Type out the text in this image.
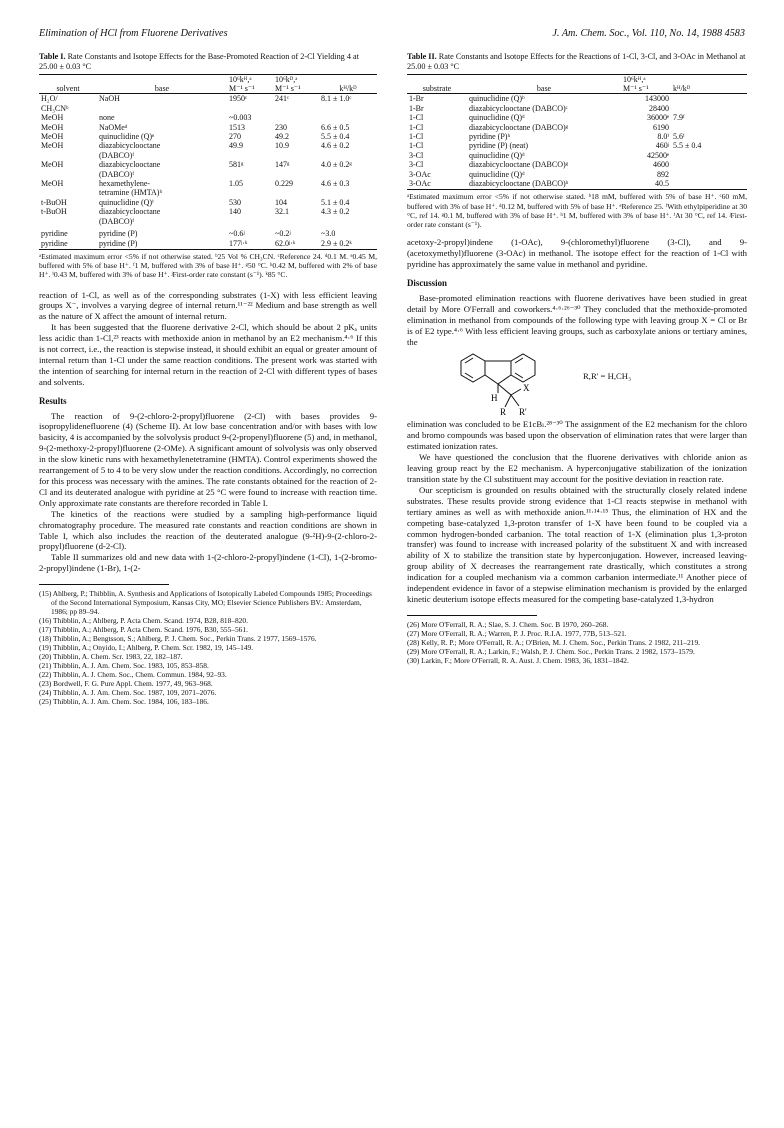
Elimination of HCl from Fluorene Derivatives	J. Am. Chem. Soc., Vol. 110, No. 14, 1988 4583
Table I. Rate Constants and Isotope Effects for the Base-Promoted Reaction of 2-Cl Yielding 4 at 25.00 ± 0.03 °C
		10⁶kᴴ,ᵃ	10⁶kᴰ,ᵃ	
solvent	base	M⁻¹ s⁻¹	M⁻¹ s⁻¹	kᴴ/kᴰ
H₂O/	NaOH	1950ᶜ	241ᶜ	8.1 ± 1.0ᶜ
CH₃CNᵇ				
MeOH	none	~0.003		
MeOH	NaOMeᵈ	1513	230	6.6 ± 0.5
MeOH	quinuclidine (Q)ᵉ	270	49.2	5.5 ± 0.4
MeOH	diazabicyclooctane	49.9	10.9	4.6 ± 0.2
	(DABCO)ᶠ			
MeOH	diazabicyclooctane	581ᵍ	147ᵍ	4.0 ± 0.2ᵍ
	(DABCO)ᶠ			
MeOH	hexamethylene-	1.05	0.229	4.6 ± 0.3
	tetramine (HMTA)ʰ			
t-BuOH	quinuclidine (Q)ⁱ	530	104	5.1 ± 0.4
t-BuOH	diazabicyclooctane	140	32.1	4.3 ± 0.2
	(DABCO)ᶠ			
pyridine	pyridine (P)	~0.6ʲ	~0.2ʲ	~3.0
pyridine	pyridine (P)	177ʲ·ᵏ	62.0ʲ·ᵏ	2.9 ± 0.2ᵏ
ᵃEstimated maximum error <5% if not otherwise stated. ᵇ25 Vol % CH₃CN. ᶜReference 24. ᵈ0.1 M. ᵉ0.45 M, buffered with 5% of base H⁺. ᶠ1 M, buffered with 3% of base H⁺. ᵍ50 °C. ʰ0.42 M, buffered with 2% of base H⁺. ⁱ0.43 M, buffered with 3% of base H⁺. ʲFirst-order rate constant (s⁻¹). ᵏ85 °C.

reaction of 1-Cl, as well as of the corresponding substrates (1-X) with less efficient leaving groups X⁻, involves a varying degree of internal return.¹¹⁻²² Medium and base strength as well as the nature of X affect the amount of internal return.

It has been suggested that the fluorene derivative 2-Cl, which should be about 2 pKₐ units less acidic than 1-Cl,²³ reacts with methoxide anion in methanol by an E2 mechanism.⁴·⁶ If this is not correct, i.e., the reaction is stepwise instead, it should exhibit an equal or greater amount of internal return than 1-Cl under the same reaction conditions. The present work was started with the intention of searching for internal return in the reaction of 2-Cl with different types of bases and solvents.

Results

The reaction of 9-(2-chloro-2-propyl)fluorene (2-Cl) with bases provides 9-isopropylidenefluorene (4) (Scheme II). At low base concentration and/or with bases with low basicity, 4 is accompanied by the solvolysis product 9-(2-propenyl)fluorene (5) and, in methanol, 9-(2-methoxy-2-propyl)fluorene (2-OMe). A significant amount of solvolysis was only observed in the slow kinetic runs with hexamethylenetetramine (HMTA). Control experiments showed the rearrangement of 5 to 4 to be very slow under the reaction conditions. Accordingly, no correction for this process was necessary with the amines. The rate constants obtained for the reaction of 2-Cl and its deuterated analogue with pyridine at 25 °C were found to increase with reaction time. Only approximate rate constants are therefore recorded in Table I.

The kinetics of the reactions were studied by a sampling high-performance liquid chromatography procedure. The measured rate constants and reaction conditions are shown in Table I, which also includes the reaction of the deuterated analogue (9-²H)-9-(2-chloro-2-propyl)fluorene (d-2-Cl).

Table II summarizes old and new data with 1-(2-chloro-2-propyl)indene (1-Cl), 1-(2-bromo-2-propyl)indene (1-Br), 1-(2-

(15) Ahlberg, P.; Thibblin, A. Synthesis and Applications of Isotopically Labeled Compounds 1985; Proceedings of the Second International Symposium, Kansas City, MO; Elsevier Science Publishers BV.: Amsterdam, 1986; pp 89–94.
(16) Thibblin, A.; Ahlberg, P. Acta Chem. Scand. 1974, B28, 818–820.
(17) Thibblin, A.; Ahlberg, P. Acta Chem. Scand. 1976, B30, 555–561.
(18) Thibblin, A.; Bengtsson, S.; Ahlberg, P. J. Chem. Soc., Perkin Trans. 2 1977, 1569–1576.
(19) Thibblin, A.; Onyido, I.; Ahlberg, P. Chem. Scr. 1982, 19, 145–149.
(20) Thibblin, A. Chem. Scr. 1983, 22, 182–187.
(21) Thibblin, A. J. Am. Chem. Soc. 1983, 105, 853–858.
(22) Thibblin, A. J. Chem. Soc., Chem. Commun. 1984, 92–93.
(23) Bordwell, F. G. Pure Appl. Chem. 1977, 49, 963–968.
(24) Thibblin, A. J. Am. Chem. Soc. 1987, 109, 2071–2076.
(25) Thibblin, A. J. Am. Chem. Soc. 1984, 106, 183–186.
Table II. Rate Constants and Isotope Effects for the Reactions of 1-Cl, 3-Cl, and 3-OAc in Methanol at 25.00 ± 0.03 °C
		10⁶kᴴ,ᵃ	
substrate	base	M⁻¹ s⁻¹	kᴴ/kᴰ
1-Br	quinuclidine (Q)ᵇ	143000	
1-Br	diazabicyclooctane (DABCO)ᶜ	28400	
1-Cl	quinuclidine (Q)ᵈ	36000ᵉ	7.9ᶠ
1-Cl	diazabicyclooctane (DABCO)ᵍ	6190	
1-Cl	pyridine (P)ʰ	8.0ⁱ	5.6ⁱ
1-Cl	pyridine (P) (neat)	460ʲ	5.5 ± 0.4
3-Cl	quinuclidine (Q)ᵈ	42500ᵉ	
3-Cl	diazabicyclooctane (DABCO)ᵍ	4600	
3-OAc	quinuclidine (Q)ᵈ	892	
3-OAc	diazabicyclooctane (DABCO)ʰ	40.5	
ᵃEstimated maximum error <5% if not otherwise stated. ᵇ18 mM, buffered with 5% of base H⁺. ᶜ60 mM, buffered with 3% of base H⁺. ᵈ0.12 M, buffered with 5% of base H⁺. ᵉReference 25. ᶠWith ethylpiperidine at 30 °C, ref 14. ᵍ0.1 M, buffered with 3% of base H⁺. ʰ1 M, buffered with 3% of base H⁺. ⁱAt 30 °C, ref 14. ʲFirst-order rate constant (s⁻¹).

acetoxy-2-propyl)indene (1-OAc), 9-(chloromethyl)fluorene (3-Cl), and 9-(acetoxymethyl)fluorene (3-OAc) in methanol. The isotope effect for the reaction of 1-Cl with pyridine has approximately the same value in methanol and pyridine.

Discussion

Base-promoted elimination reactions with fluorene derivatives have been studied in great detail by More O'Ferrall and coworkers.⁴·⁶·²⁶⁻³⁰ They concluded that the methoxide-promoted elimination in methanol from compounds of the following type with leaving group X = Cl or Br is of E2 type.⁴·⁶ With less efficient leaving groups, such as carboxylate anions or tertiary amines, the

H
X
R R'
R,R' = H,CH₃

elimination was concluded to be E1cBₗ.²⁸⁻³⁰ The assignment of the E2 mechanism for the chloro and bromo compounds was based upon the observation of elimination rates that were larger than estimated ionization rates.

We have questioned the conclusion that the fluorene derivatives with chloride anion as leaving group react by the E2 mechanism. A hyperconjugative stabilization of the ionization transition state by the Cl substituent may account for the positive deviation in reaction rate.

Our scepticism is grounded on results obtained with the structurally closely related indene substrates. These results provide strong evidence that 1-Cl reacts stepwise in methanol with tertiary amines as well as with methoxide anion.¹¹·¹⁴·¹⁵ Thus, the elimination of HX and the competing base-catalyzed 1,3-proton transfer of 1-X have been found to be coupled via a common hydrogen-bonded carbanion. The total reaction of 1-X (elimination plus 1,3-proton transfer) was found to increase with increased polarity of the substituent X and with increased ability of X to stabilize the transition state by hyperconjugation. However, increased leaving-group ability of X decreases the rearrangement rate drastically, which constitutes a strong indication for a coupled mechanism via a common carbanion intermediate.¹¹ Another piece of independent evidence in favor of a stepwise elimination mechanism is provided by the enlarged kinetic deuterium isotope effects measured for the competing base-catalyzed 1,3-hydron

(26) More O'Ferrall, R. A.; Slae, S. J. Chem. Soc. B 1970, 260–268.
(27) More O'Ferrall, R. A.; Warren, P. J. Proc. R.I.A. 1977, 77B, 513–521.
(28) Kelly, R. P.; More O'Ferrall, R. A.; O'Brien, M. J. Chem. Soc., Perkin Trans. 2 1982, 211–219.
(29) More O'Ferrall, R. A.; Larkin, F.; Walsh, P. J. Chem. Soc., Perkin Trans. 2 1982, 1573–1579.
(30) Larkin, F.; More O'Ferrall, R. A. Aust. J. Chem. 1983, 36, 1831–1842.
